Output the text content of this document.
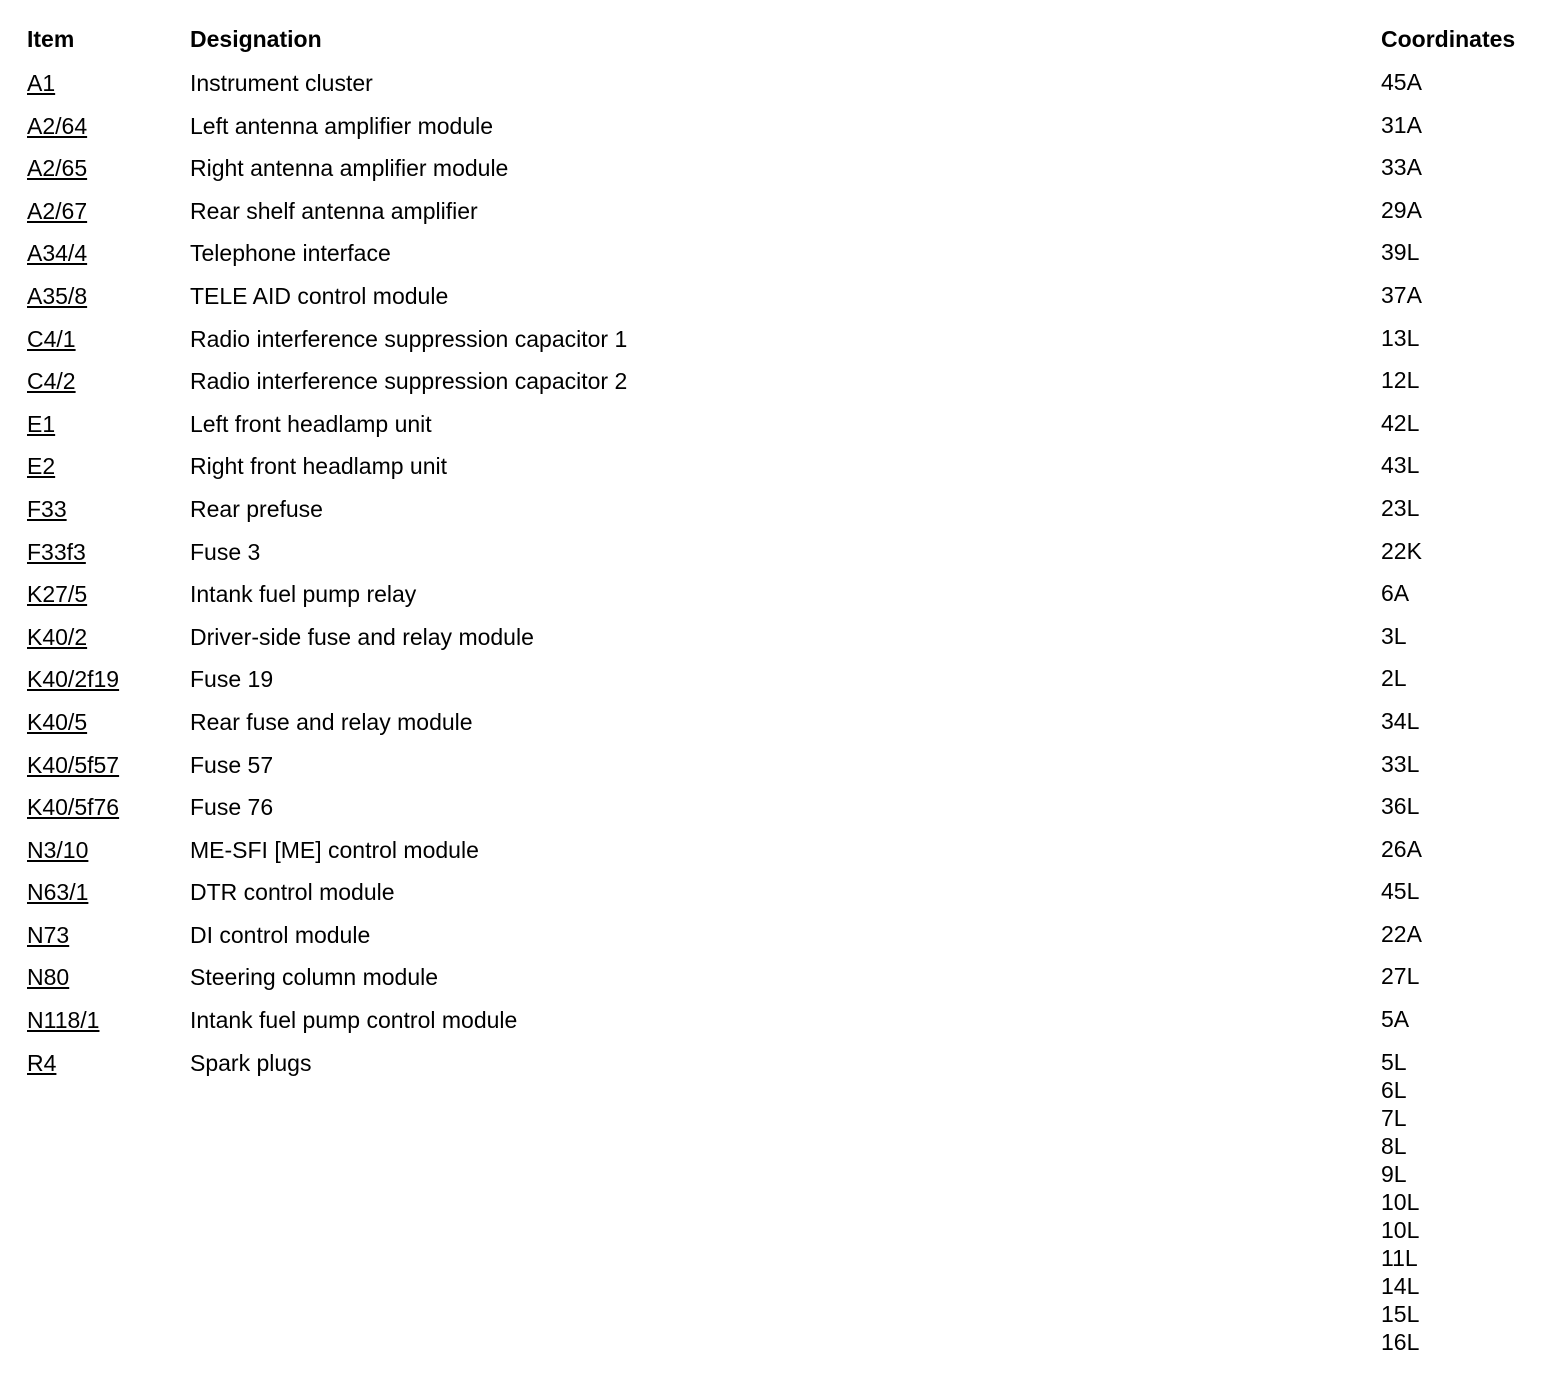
Item	Designation	Coordinates
A1	Instrument cluster	45A
A2/64	Left antenna amplifier module	31A
A2/65	Right antenna amplifier module	33A
A2/67	Rear shelf antenna amplifier	29A
A34/4	Telephone interface	39L
A35/8	TELE AID control module	37A
C4/1	Radio interference suppression capacitor 1	13L
C4/2	Radio interference suppression capacitor 2	12L
E1	Left front headlamp unit	42L
E2	Right front headlamp unit	43L
F33	Rear prefuse	23L
F33f3	Fuse 3	22K
K27/5	Intank fuel pump relay	6A
K40/2	Driver-side fuse and relay module	3L
K40/2f19	Fuse 19	2L
K40/5	Rear fuse and relay module	34L
K40/5f57	Fuse 57	33L
K40/5f76	Fuse 76	36L
N3/10	ME-SFI [ME] control module	26A
N63/1	DTR control module	45L
N73	DI control module	22A
N80	Steering column module	27L
N118/1	Intank fuel pump control module	5A
R4	Spark plugs	5L
6L
7L
8L
9L
10L
10L
11L
14L
15L
16L
